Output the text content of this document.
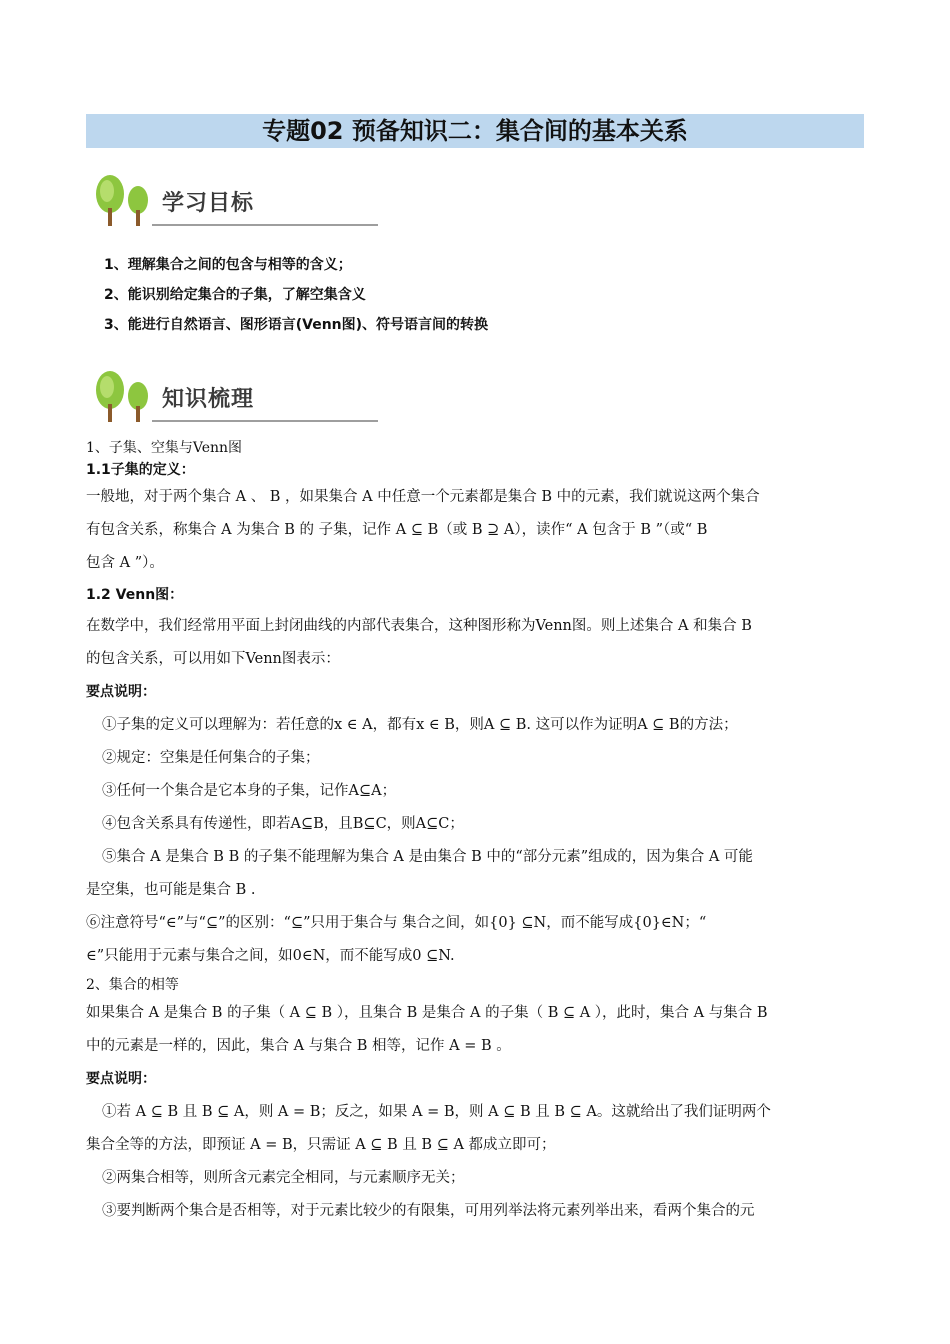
专题02 预备知识二：集合间的基本关系
学习目标
1、理解集合之间的包含与相等的含义；
2、能识别给定集合的子集，了解空集含义
3、能进行自然语言、图形语言(Venn图)、符号语言间的转换
知识梳理

1、子集、空集与Venn图

1.1子集的定义：

一般地，对于两个集合 A 、 B ，如果集合 A 中任意一个元素都是集合 B 中的元素，我们就说这两个集合

有包含关系，称集合 A 为集合 B 的 子集，记作 A ⊆ B（或 B ⊇ A），读作“ A 包含于 B ”（或“ B

包含 A ”）。

1.2 Venn图：

在数学中，我们经常用平面上封闭曲线的内部代表集合，这种图形称为Venn图。则上述集合 A 和集合 B

的包含关系，可以用如下Venn图表示：

要点说明：

①子集的定义可以理解为：若任意的x ∈ A，都有x ∈ B，则A ⊆ B. 这可以作为证明A ⊆ B的方法；

②规定：空集是任何集合的子集；

③任何一个集合是它本身的子集，记作A⊆A；

④包含关系具有传递性，即若A⊆B，且B⊆C，则A⊆C；

⑤集合 A 是集合 B B 的子集不能理解为集合 A 是由集合 B 中的“部分元素”组成的，因为集合 A 可能

是空集，也可能是集合 B .

⑥注意符号“∈”与“⊆”的区别：“⊆”只用于集合与 集合之间，如{0} ⊆N，而不能写成{0}∈N；“

∈”只能用于元素与集合之间，如0∈N，而不能写成0 ⊆N.

2、集合的相等

如果集合 A 是集合 B 的子集（ A ⊆ B ），且集合 B 是集合 A 的子集（ B ⊆ A ），此时，集合 A 与集合 B

中的元素是一样的，因此，集合 A 与集合 B 相等，记作 A = B 。

要点说明：

①若 A ⊆ B 且 B ⊆ A，则 A = B；反之，如果 A = B，则 A ⊆ B 且 B ⊆ A。这就给出了我们证明两个

集合全等的方法，即预证 A = B，只需证 A ⊆ B 且 B ⊆ A 都成立即可；

②两集合相等，则所含元素完全相同，与元素顺序无关；

③要判断两个集合是否相等，对于元素比较少的有限集，可用列举法将元素列举出来，看两个集合的元
